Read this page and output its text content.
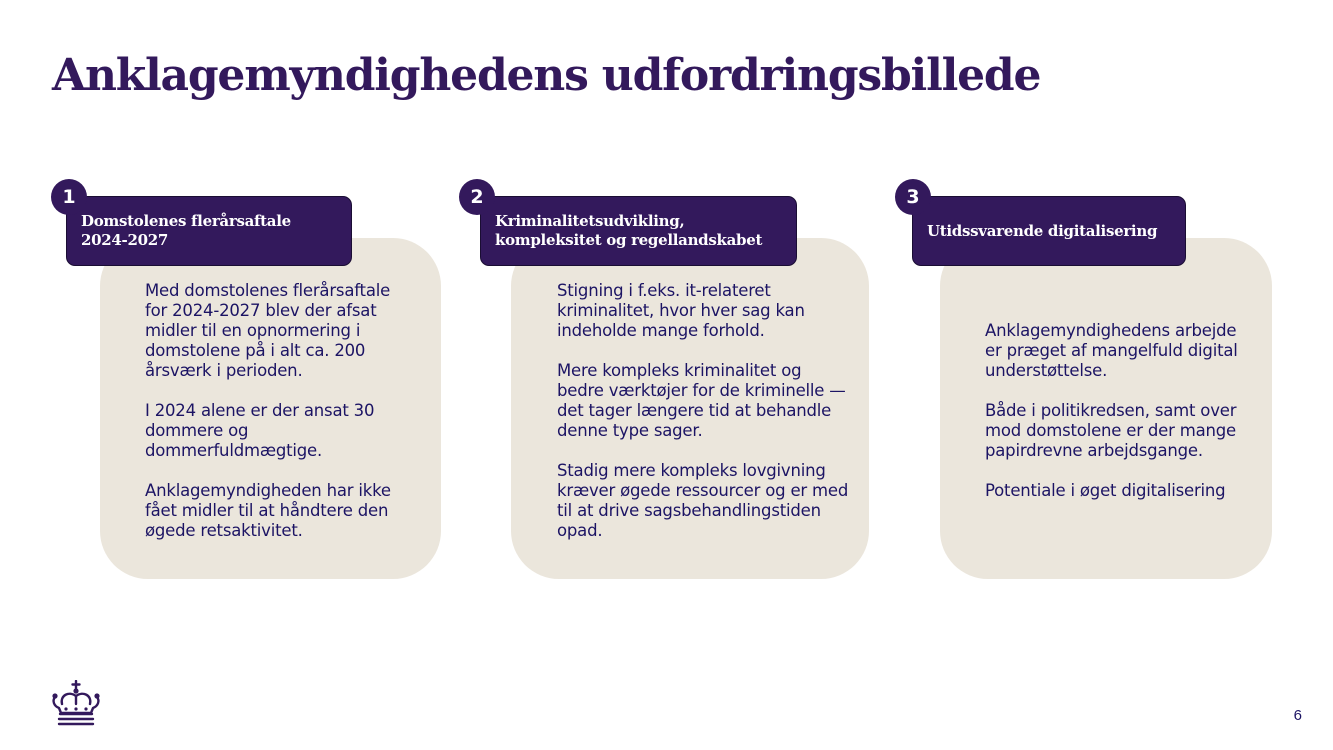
Anklagemyndighedens udfordringsbillede

Med domstolenes flerårsaftale for 2024-2027 blev der afsat midler til en opnormering i domstolene på i alt ca. 200 årsværk i perioden.

I 2024 alene er der ansat 30 dommere og dommerfuldmægtige.

Anklagemyndigheden har ikke fået midler til at håndtere den øgede retsaktivitet.

Domstolenes flerårsaftale
2024-2027
1

Stigning i f.eks. it-relateret kriminalitet, hvor hver sag kan indeholde mange forhold.

Mere kompleks kriminalitet og bedre værktøjer for de kriminelle — det tager længere tid at behandle denne type sager.

Stadig mere kompleks lovgivning kræver øgede ressourcer og er med til at drive sagsbehandlingstiden opad.

Kriminalitetsudvikling,
kompleksitet og regellandskabet
2

Anklagemyndighedens arbejde er præget af mangelfuld digital understøttelse.

Både i politikredsen, samt over mod domstolene er der mange papirdrevne arbejdsgange.

Potentiale i øget digitalisering

Utidssvarende digitalisering
3
6
